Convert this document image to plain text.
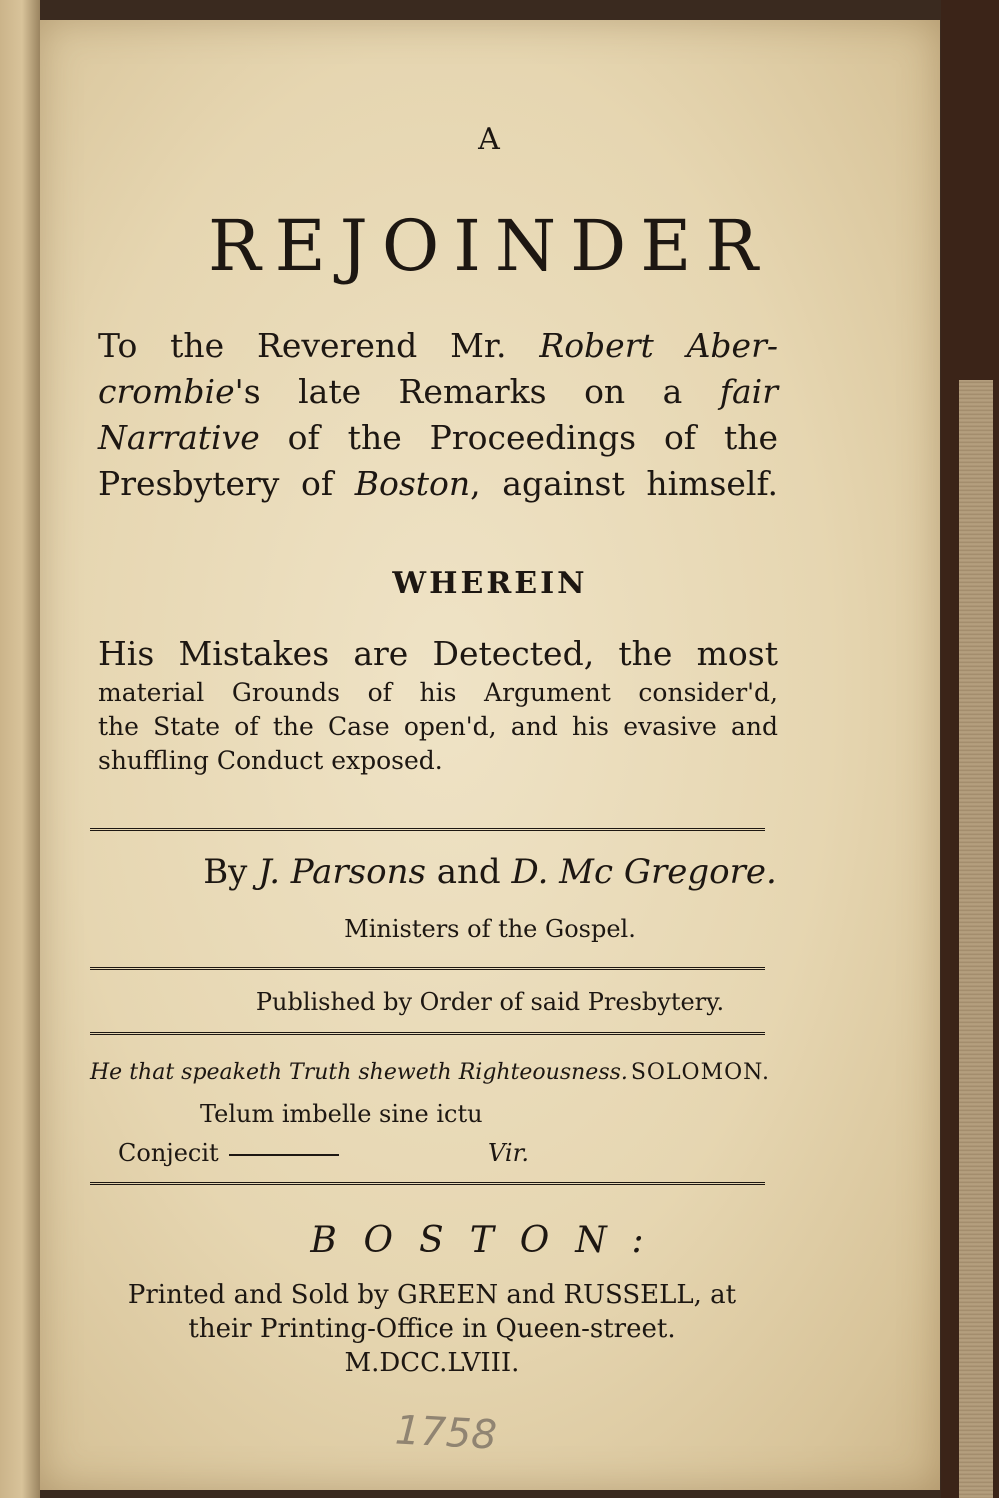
A
REJOINDER
To the Reverend Mr. Robert Aber-
crombie's late Remarks on a fair
Narrative of the Proceedings of the
Presbytery of Boston, against himself.
WHEREIN
His Mistakes are Detected, the most
material Grounds of his Argument consider'd,
the State of the Case open'd, and his evasive and
shuffling Conduct exposed.
By J. Parsons and D. Mc Gregore.
Ministers of the Gospel.
Published by Order of said Presbytery.
He that speaketh Truth sheweth Righteousness. SOLOMON.
Telum imbelle sine ictu
Conjecit	Vir.
BOSTON:
Printed and Sold by GREEN and RUSSELL, at
their Printing-Office in Queen-street.
M.DCC.LVIII.
1758
